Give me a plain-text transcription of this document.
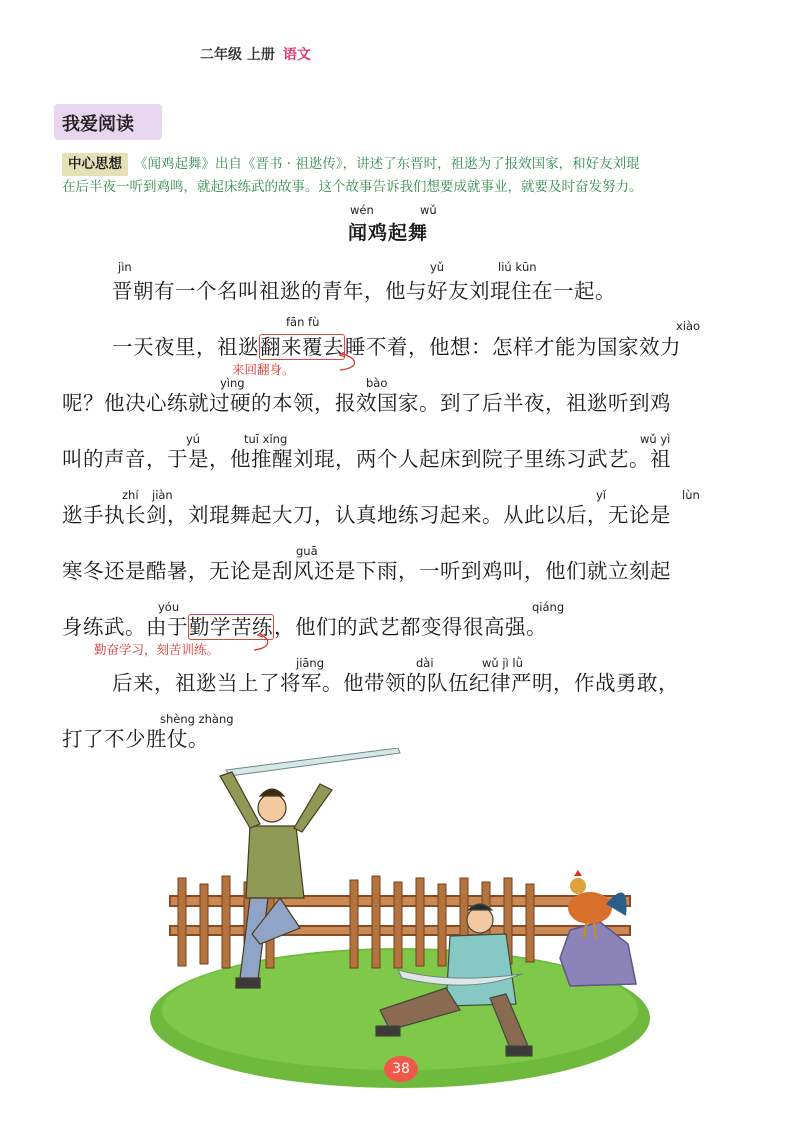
二年级 上册 语文
我爱阅读
中心思想 《闻鸡起舞》出自《晋书 · 祖逖传》，讲述了东晋时，祖逖为了报效国家，和好友刘琨
在后半夜一听到鸡鸣，就起床练武的故事。这个故事告诉我们想要成就事业，就要及时奋发努力。
wén	wǔ
闻鸡起舞
jìn	yǔ	liú kūn
晋朝有一个名叫祖逖的青年，他与好友刘琨住在一起。
fān fù	xiào
一天夜里，祖逖翻来覆去睡不着，他想：怎样才能为国家效力
来回翻身。
yìng	bào
呢？他决心练就过硬的本领，报效国家。到了后半夜，祖逖听到鸡
yú	tuī xǐng	wǔ yì
叫的声音，于是，他推醒刘琨，两个人起床到院子里练习武艺。祖
zhí jiàn	yǐ	lùn
逖手执长剑，刘琨舞起大刀，认真地练习起来。从此以后，无论是
guā
寒冬还是酷暑，无论是刮风还是下雨，一听到鸡叫，他们就立刻起
yóu	qiáng
身练武。由于勤学苦练，他们的武艺都变得很高强。
勤奋学习，刻苦训练。
jiāng	dài	wǔ jì lǜ
后来，祖逖当上了将军。他带领的队伍纪律严明，作战勇敢，
shèng zhàng
打了不少胜仗。
38
